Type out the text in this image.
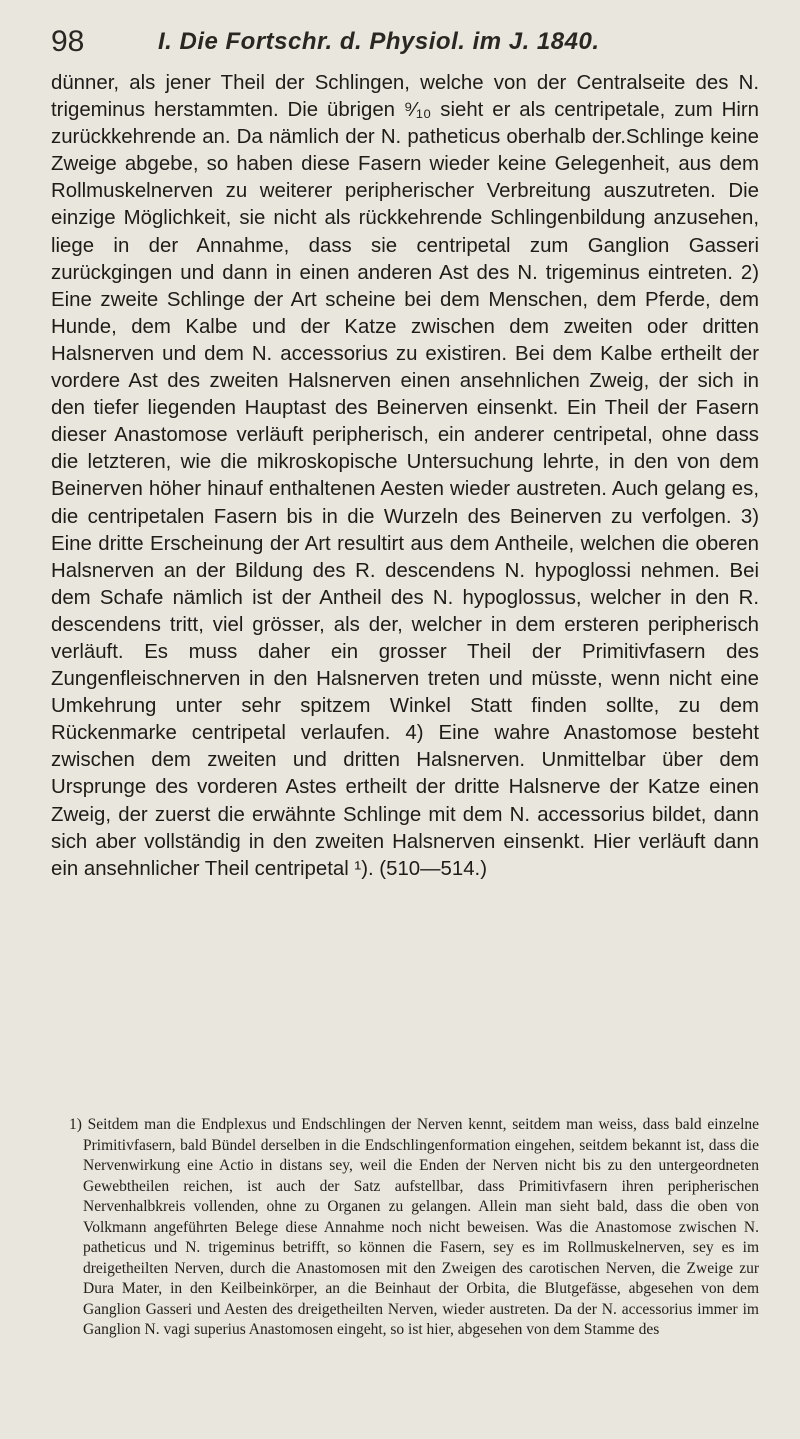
98	I. Die Fortschr. d. Physiol. im J. 1840.

dünner, als jener Theil der Schlingen, welche von der Centralseite des N. trigeminus herstammten. Die übrigen ⁹⁄₁₀ sieht er als centripetale, zum Hirn zurückkehrende an. Da nämlich der N. patheticus oberhalb der.Schlinge keine Zweige abgebe, so haben diese Fasern wieder keine Gelegenheit, aus dem Rollmuskelnerven zu weiterer peripherischer Verbreitung auszutreten. Die einzige Möglichkeit, sie nicht als rückkehrende Schlingenbildung anzusehen, liege in der Annahme, dass sie centripetal zum Ganglion Gasseri zurückgingen und dann in einen anderen Ast des N. trigeminus eintreten. 2) Eine zweite Schlinge der Art scheine bei dem Menschen, dem Pferde, dem Hunde, dem Kalbe und der Katze zwischen dem zweiten oder dritten Halsnerven und dem N. accessorius zu existiren. Bei dem Kalbe ertheilt der vordere Ast des zweiten Halsnerven einen ansehnlichen Zweig, der sich in den tiefer liegenden Hauptast des Beinerven einsenkt. Ein Theil der Fasern dieser Anastomose verläuft peripherisch, ein anderer centripetal, ohne dass die letzteren, wie die mikroskopische Untersuchung lehrte, in den von dem Beinerven höher hinauf enthaltenen Aesten wieder austreten. Auch gelang es, die centripetalen Fasern bis in die Wurzeln des Beinerven zu verfolgen. 3) Eine dritte Erscheinung der Art resultirt aus dem Antheile, welchen die oberen Halsnerven an der Bildung des R. descendens N. hypoglossi nehmen. Bei dem Schafe nämlich ist der Antheil des N. hypoglossus, welcher in den R. descendens tritt, viel grösser, als der, welcher in dem ersteren peripherisch verläuft. Es muss daher ein grosser Theil der Primitivfasern des Zungenfleischnerven in den Halsnerven treten und müsste, wenn nicht eine Umkehrung unter sehr spitzem Winkel Statt finden sollte, zu dem Rückenmarke centripetal verlaufen. 4) Eine wahre Anastomose besteht zwischen dem zweiten und dritten Halsnerven. Unmittelbar über dem Ursprunge des vorderen Astes ertheilt der dritte Halsnerve der Katze einen Zweig, der zuerst die erwähnte Schlinge mit dem N. accessorius bildet, dann sich aber vollständig in den zweiten Halsnerven einsenkt. Hier verläuft dann ein ansehnlicher Theil centripetal ¹). (510—514.)

1) Seitdem man die Endplexus und Endschlingen der Nerven kennt, seitdem man weiss, dass bald einzelne Primitivfasern, bald Bündel derselben in die Endschlingenformation eingehen, seitdem bekannt ist, dass die Nervenwirkung eine Actio in distans sey, weil die Enden der Nerven nicht bis zu den untergeordneten Gewebtheilen reichen, ist auch der Satz aufstellbar, dass Primitivfasern ihren peripherischen Nervenhalbkreis vollenden, ohne zu Organen zu gelangen. Allein man sieht bald, dass die oben von Volkmann angeführten Belege diese Annahme noch nicht beweisen. Was die Anastomose zwischen N. patheticus und N. trigeminus betrifft, so können die Fasern, sey es im Rollmuskelnerven, sey es im dreigetheilten Nerven, durch die Anastomosen mit den Zweigen des carotischen Nerven, die Zweige zur Dura Mater, in den Keilbeinkörper, an die Beinhaut der Orbita, die Blutgefässe, abgesehen von dem Ganglion Gasseri und Aesten des dreigetheilten Nerven, wieder austreten. Da der N. accessorius immer im Ganglion N. vagi superius Anastomosen eingeht, so ist hier, abgesehen von dem Stamme des
